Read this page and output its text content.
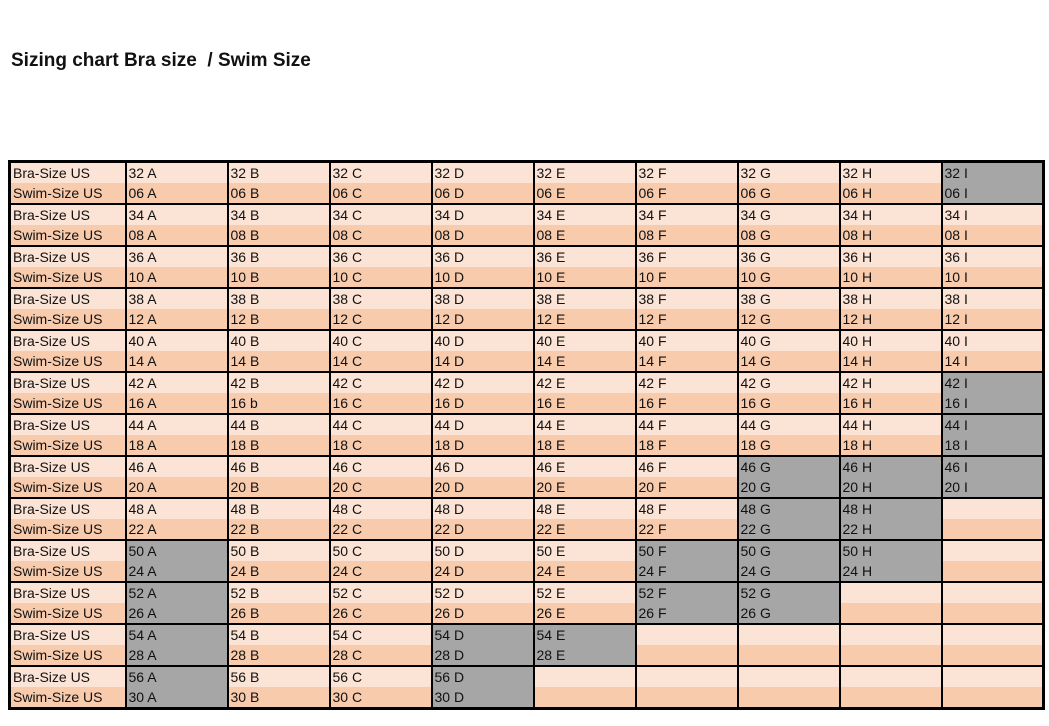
Sizing chart Bra size  / Swim Size
Bra-Size US	32 A	32 B	32 C	32 D	32 E	32 F	32 G	32 H	32 I
Swim-Size US	06 A	06 B	06 C	06 D	06 E	06 F	06 G	06 H	06 I
Bra-Size US	34 A	34 B	34 C	34 D	34 E	34 F	34 G	34 H	34 I
Swim-Size US	08 A	08 B	08 C	08 D	08 E	08 F	08 G	08 H	08 I
Bra-Size US	36 A	36 B	36 C	36 D	36 E	36 F	36 G	36 H	36 I
Swim-Size US	10 A	10 B	10 C	10 D	10 E	10 F	10 G	10 H	10 I
Bra-Size US	38 A	38 B	38 C	38 D	38 E	38 F	38 G	38 H	38 I
Swim-Size US	12 A	12 B	12 C	12 D	12 E	12 F	12 G	12 H	12 I
Bra-Size US	40 A	40 B	40 C	40 D	40 E	40 F	40 G	40 H	40 I
Swim-Size US	14 A	14 B	14 C	14 D	14 E	14 F	14 G	14 H	14 I
Bra-Size US	42 A	42 B	42 C	42 D	42 E	42 F	42 G	42 H	42 I
Swim-Size US	16 A	16 b	16 C	16 D	16 E	16 F	16 G	16 H	16 I
Bra-Size US	44 A	44 B	44 C	44 D	44 E	44 F	44 G	44 H	44 I
Swim-Size US	18 A	18 B	18 C	18 D	18 E	18 F	18 G	18 H	18 I
Bra-Size US	46 A	46 B	46 C	46 D	46 E	46 F	46 G	46 H	46 I
Swim-Size US	20 A	20 B	20 C	20 D	20 E	20 F	20 G	20 H	20 I
Bra-Size US	48 A	48 B	48 C	48 D	48 E	48 F	48 G	48 H	
Swim-Size US	22 A	22 B	22 C	22 D	22 E	22 F	22 G	22 H	
Bra-Size US	50 A	50 B	50 C	50 D	50 E	50 F	50 G	50 H	
Swim-Size US	24 A	24 B	24 C	24 D	24 E	24 F	24 G	24 H	
Bra-Size US	52 A	52 B	52 C	52 D	52 E	52 F	52 G		
Swim-Size US	26 A	26 B	26 C	26 D	26 E	26 F	26 G		
Bra-Size US	54 A	54 B	54 C	54 D	54 E				
Swim-Size US	28 A	28 B	28 C	28 D	28 E				
Bra-Size US	56 A	56 B	56 C	56 D					
Swim-Size US	30 A	30 B	30 C	30 D					
